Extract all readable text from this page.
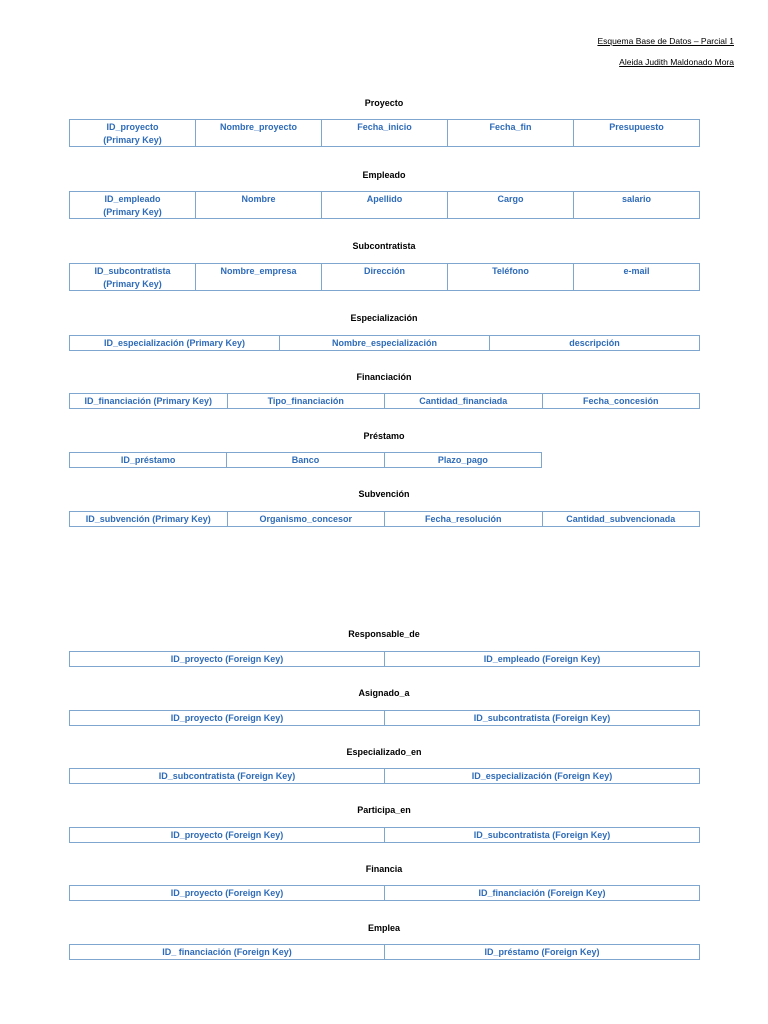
Esquema Base de Datos – Parcial 1
Aleida Judith Maldonado Mora
Proyecto
ID_proyecto
(Primary Key)	Nombre_proyecto	Fecha_inicio	Fecha_fin	Presupuesto
Empleado
ID_empleado
(Primary Key)	Nombre	Apellido	Cargo	salario
Subcontratista
ID_subcontratista
(Primary Key)	Nombre_empresa	Dirección	Teléfono	e-mail
Especialización
ID_especialización (Primary Key)	Nombre_especialización	descripción
Financiación
ID_financiación (Primary Key)	Tipo_financiación	Cantidad_financiada	Fecha_concesión
Préstamo
ID_préstamo	Banco	Plazo_pago
Subvención
ID_subvención (Primary Key)	Organismo_concesor	Fecha_resolución	Cantidad_subvencionada
Responsable_de
ID_proyecto (Foreign Key)	ID_empleado (Foreign Key)
Asignado_a
ID_proyecto (Foreign Key)	ID_subcontratista (Foreign Key)
Especializado_en
ID_subcontratista (Foreign Key)	ID_especialización (Foreign Key)
Participa_en
ID_proyecto (Foreign Key)	ID_subcontratista (Foreign Key)
Financia
ID_proyecto (Foreign Key)	ID_financiación (Foreign Key)
Emplea
ID_ financiación (Foreign Key)	ID_préstamo (Foreign Key)
